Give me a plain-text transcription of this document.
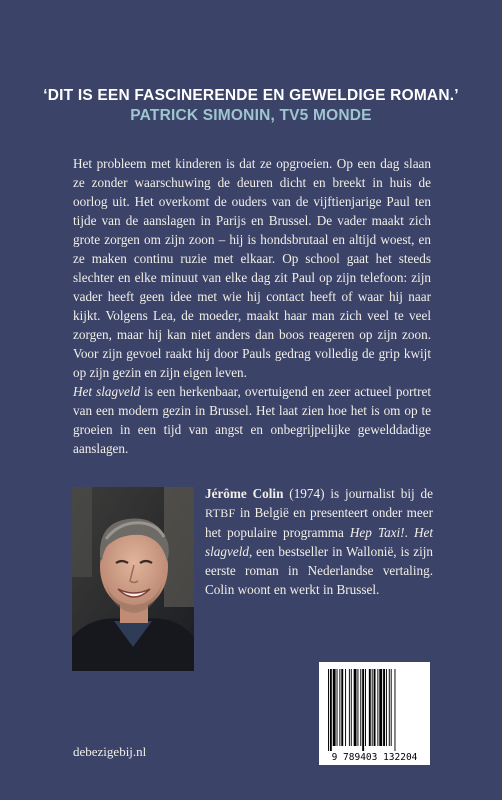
‘DIT IS EEN FASCINERENDE EN GEWELDIGE ROMAN.’
PATRICK SIMONIN, TV5 MONDE

Het probleem met kinderen is dat ze opgroeien. Op een dag slaan ze zonder waarschuwing de deuren dicht en breekt in huis de oorlog uit. Het overkomt de ouders van de vijftienjarige Paul ten tijde van de aanslagen in Parijs en Brussel. De vader maakt zich grote zorgen om zijn zoon – hij is hondsbrutaal en altijd woest, en ze maken continu ruzie met elkaar. Op school gaat het steeds slechter en elke minuut van elke dag zit Paul op zijn telefoon: zijn vader heeft geen idee met wie hij contact heeft of waar hij naar kijkt. Volgens Lea, de moeder, maakt haar man zich veel te veel zorgen, maar hij kan niet anders dan boos reageren op zijn zoon. Voor zijn gevoel raakt hij door Pauls gedrag volledig de grip kwijt op zijn gezin en zijn eigen leven.

Het slagveld is een herkenbaar, overtuigend en zeer actueel portret van een modern gezin in Brussel. Het laat zien hoe het is om op te groeien in een tijd van angst en onbegrijpelijke gewelddadige aanslagen.

Jérôme Colin (1974) is journalist bij de RTBF in België en presenteert onder meer het populaire programma Hep Taxi!. Het slagveld, een bestseller in Wallonië, is zijn eerste roman in Nederlandse vertaling. Colin woont en werkt in Brussel.
9 789403 132204
debezigebij.nl
